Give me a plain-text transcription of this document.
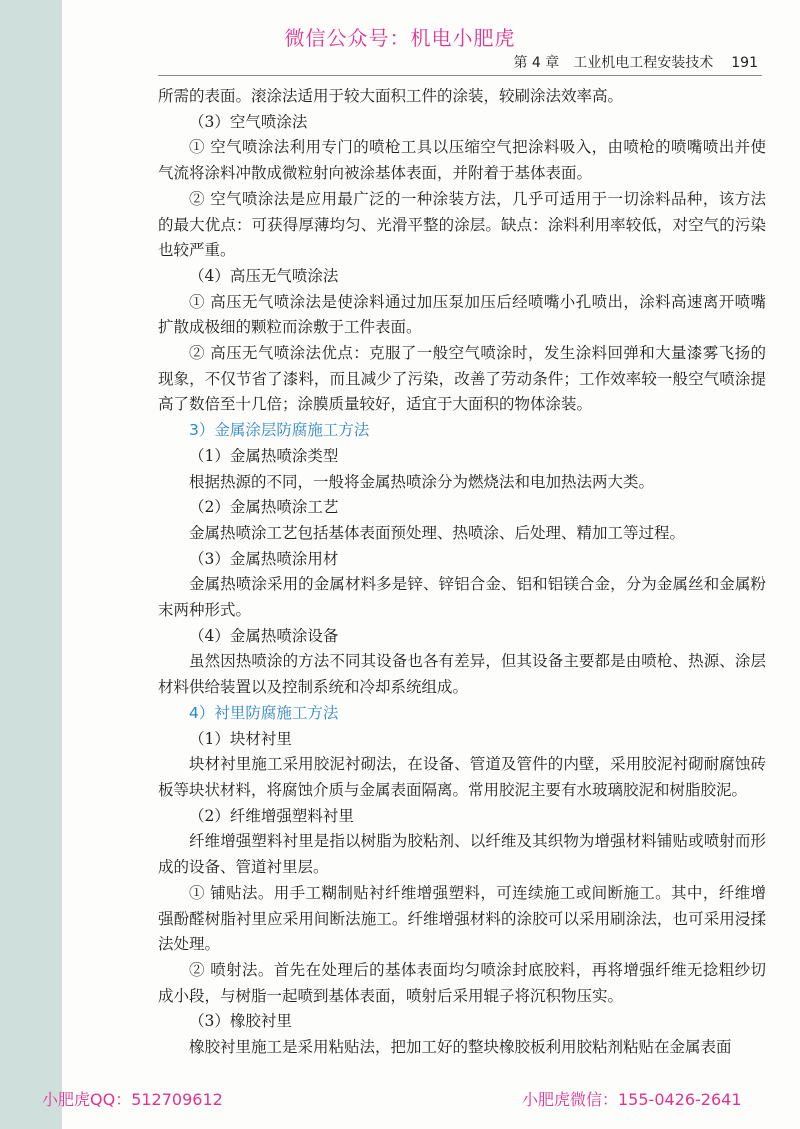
微信公众号：机电小肥虎
第 4 章　工业机电工程安装技术 191

所需的表面。滚涂法适用于较大面积工件的涂装，较刷涂法效率高。

（3）空气喷涂法

① 空气喷涂法利用专门的喷枪工具以压缩空气把涂料吸入，由喷枪的喷嘴喷出并使气流将涂料冲散成微粒射向被涂基体表面，并附着于基体表面。

② 空气喷涂法是应用最广泛的一种涂装方法，几乎可适用于一切涂料品种，该方法的最大优点：可获得厚薄均匀、光滑平整的涂层。缺点：涂料利用率较低，对空气的污染也较严重。

（4）高压无气喷涂法

① 高压无气喷涂法是使涂料通过加压泵加压后经喷嘴小孔喷出，涂料高速离开喷嘴扩散成极细的颗粒而涂敷于工件表面。

② 高压无气喷涂法优点：克服了一般空气喷涂时，发生涂料回弹和大量漆雾飞扬的现象，不仅节省了漆料，而且减少了污染，改善了劳动条件；工作效率较一般空气喷涂提高了数倍至十几倍；涂膜质量较好，适宜于大面积的物体涂装。

3）金属涂层防腐施工方法

（1）金属热喷涂类型

根据热源的不同，一般将金属热喷涂分为燃烧法和电加热法两大类。

（2）金属热喷涂工艺

金属热喷涂工艺包括基体表面预处理、热喷涂、后处理、精加工等过程。

（3）金属热喷涂用材

金属热喷涂采用的金属材料多是锌、锌铝合金、铝和铝镁合金，分为金属丝和金属粉末两种形式。

（4）金属热喷涂设备

虽然因热喷涂的方法不同其设备也各有差异，但其设备主要都是由喷枪、热源、涂层材料供给装置以及控制系统和冷却系统组成。

4）衬里防腐施工方法

（1）块材衬里

块材衬里施工采用胶泥衬砌法，在设备、管道及管件的内壁，采用胶泥衬砌耐腐蚀砖板等块状材料，将腐蚀介质与金属表面隔离。常用胶泥主要有水玻璃胶泥和树脂胶泥。

（2）纤维增强塑料衬里

纤维增强塑料衬里是指以树脂为胶粘剂、以纤维及其织物为增强材料铺贴或喷射而形成的设备、管道衬里层。

① 铺贴法。用手工糊制贴衬纤维增强塑料，可连续施工或间断施工。其中，纤维增强酚醛树脂衬里应采用间断法施工。纤维增强材料的涂胶可以采用刷涂法，也可采用浸揉法处理。

② 喷射法。首先在处理后的基体表面均匀喷涂封底胶料，再将增强纤维无捻粗纱切成小段，与树脂一起喷到基体表面，喷射后采用辊子将沉积物压实。

（3）橡胶衬里

橡胶衬里施工是采用粘贴法，把加工好的整块橡胶板利用胶粘剂粘贴在金属表面

小肥虎QQ：512709612	小肥虎微信：155-0426-2641
